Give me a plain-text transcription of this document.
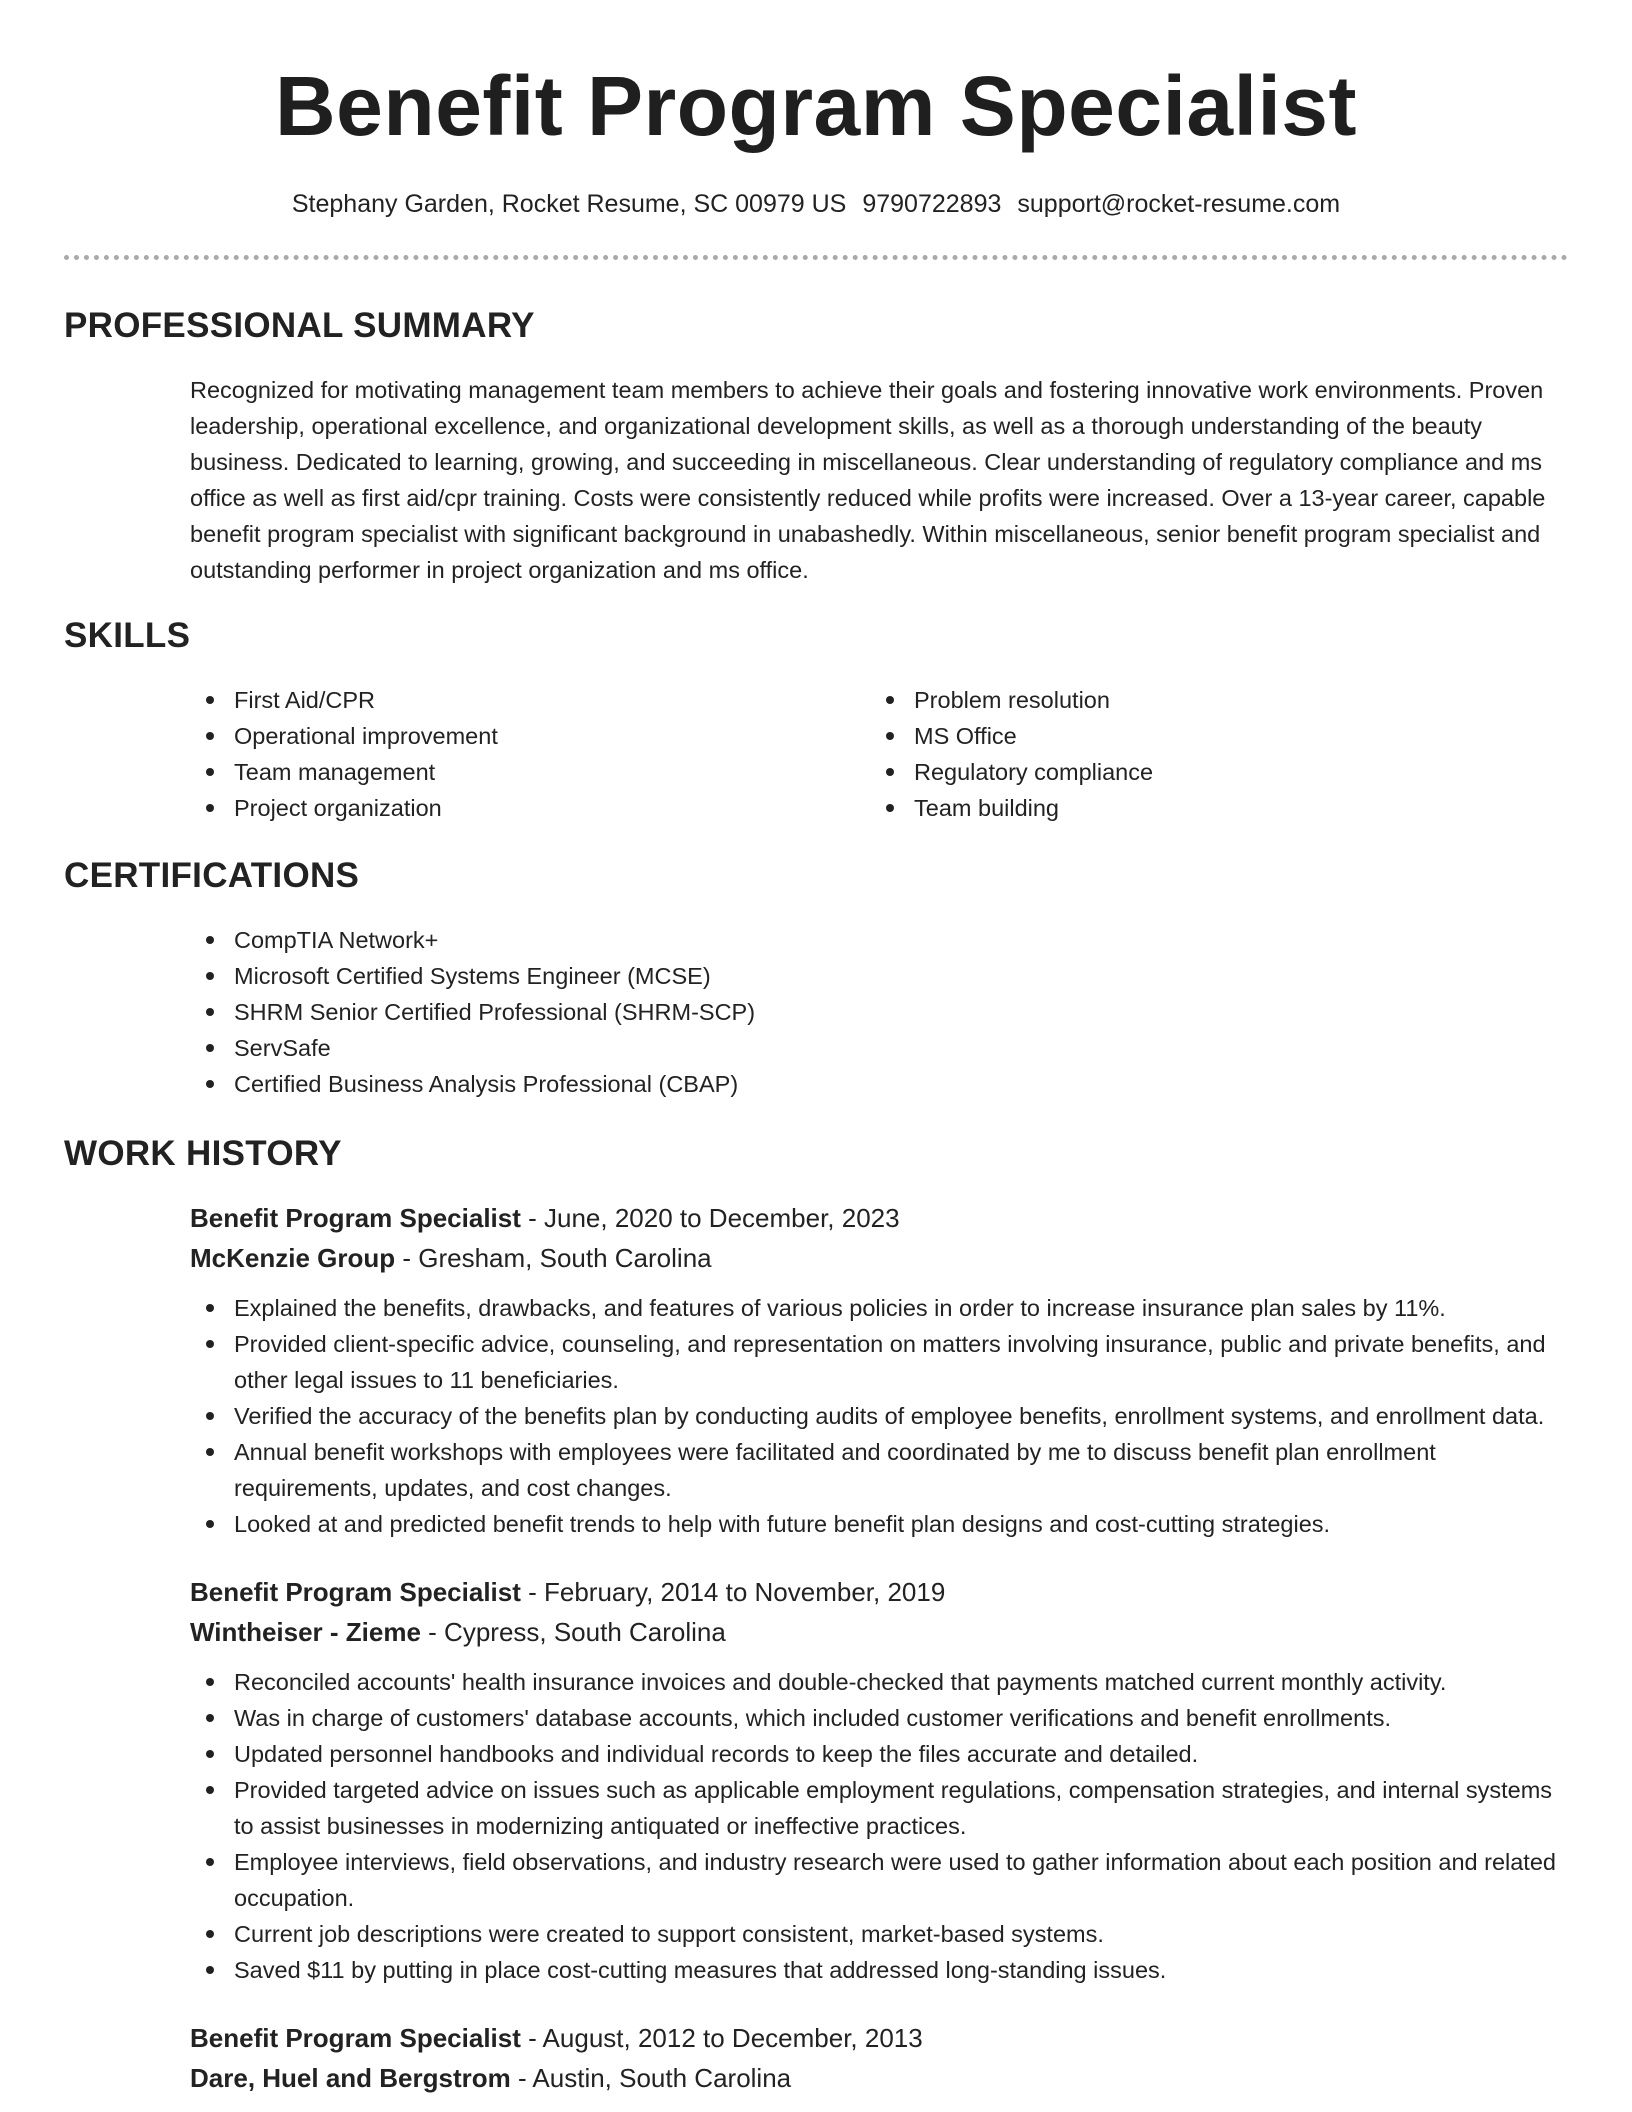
Benefit Program Specialist
Stephany Garden, Rocket Resume, SC 00979 US 9790722893 support@rocket-resume.com
PROFESSIONAL SUMMARY
Recognized for motivating management team members to achieve their goals and fostering innovative work environments. Proven leadership, operational excellence, and organizational development skills, as well as a thorough understanding of the beauty business. Dedicated to learning, growing, and succeeding in miscellaneous. Clear understanding of regulatory compliance and ms office as well as first aid/cpr training. Costs were consistently reduced while profits were increased. Over a 13-year career, capable benefit program specialist with significant background in unabashedly. Within miscellaneous, senior benefit program specialist and outstanding performer in project organization and ms office.
SKILLS
First Aid/CPR
Operational improvement
Team management
Project organization
Problem resolution
MS Office
Regulatory compliance
Team building
CERTIFICATIONS
CompTIA Network+
Microsoft Certified Systems Engineer (MCSE)
SHRM Senior Certified Professional (SHRM-SCP)
ServSafe
Certified Business Analysis Professional (CBAP)
WORK HISTORY
Benefit Program Specialist - June, 2020 to December, 2023
McKenzie Group - Gresham, South Carolina
Explained the benefits, drawbacks, and features of various policies in order to increase insurance plan sales by 11%.
Provided client-specific advice, counseling, and representation on matters involving insurance, public and private benefits, and other legal issues to 11 beneficiaries.
Verified the accuracy of the benefits plan by conducting audits of employee benefits, enrollment systems, and enrollment data.
Annual benefit workshops with employees were facilitated and coordinated by me to discuss benefit plan enrollment requirements, updates, and cost changes.
Looked at and predicted benefit trends to help with future benefit plan designs and cost-cutting strategies.
Benefit Program Specialist - February, 2014 to November, 2019
Wintheiser - Zieme - Cypress, South Carolina
Reconciled accounts' health insurance invoices and double-checked that payments matched current monthly activity.
Was in charge of customers' database accounts, which included customer verifications and benefit enrollments.
Updated personnel handbooks and individual records to keep the files accurate and detailed.
Provided targeted advice on issues such as applicable employment regulations, compensation strategies, and internal systems to assist businesses in modernizing antiquated or ineffective practices.
Employee interviews, field observations, and industry research were used to gather information about each position and related occupation.
Current job descriptions were created to support consistent, market-based systems.
Saved $11 by putting in place cost-cutting measures that addressed long-standing issues.
Benefit Program Specialist - August, 2012 to December, 2013
Dare, Huel and Bergstrom - Austin, South Carolina
